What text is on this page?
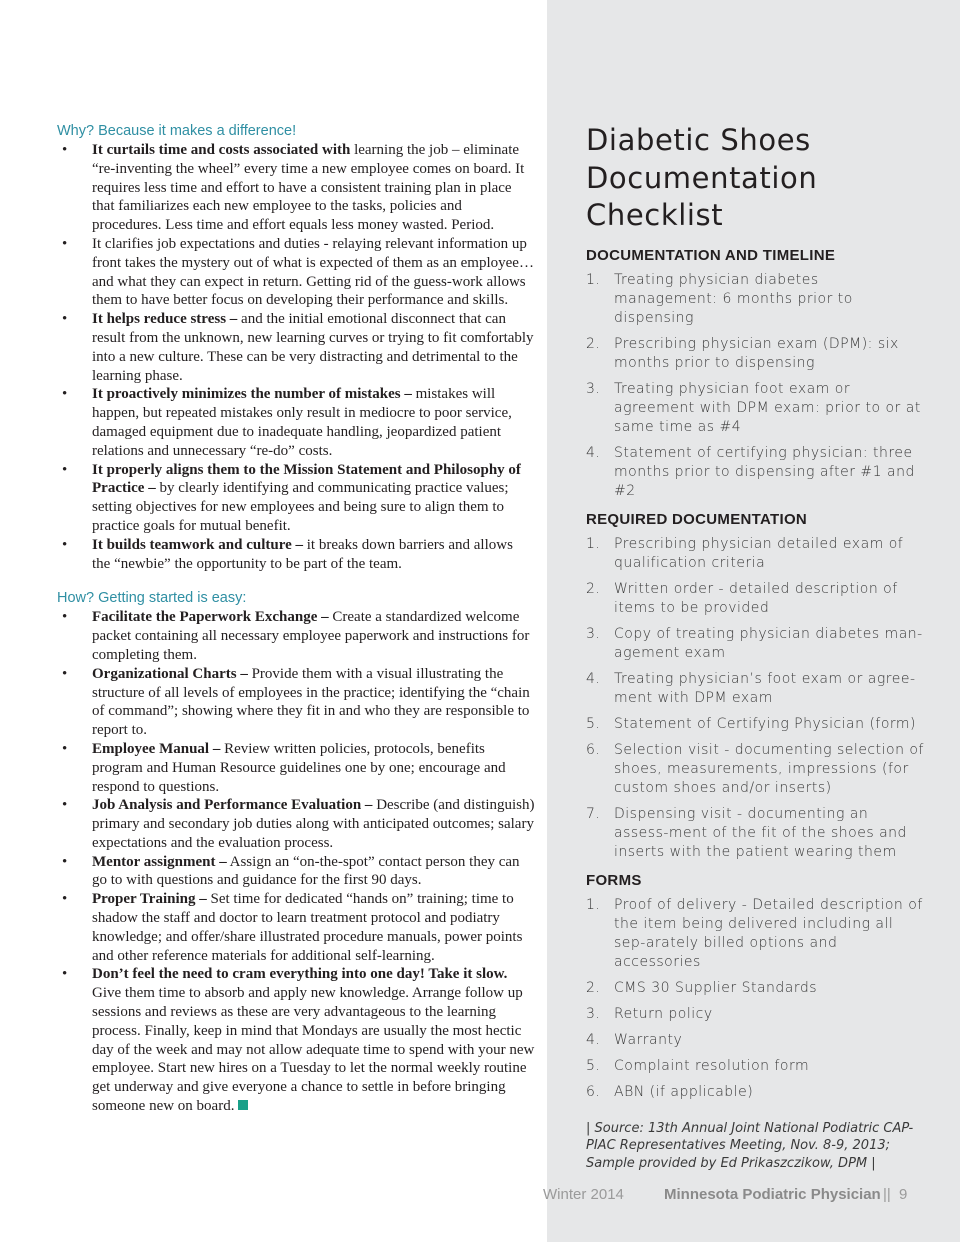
Why? Because it makes a difference!
• It curtails time and costs associated with learning the job – eliminate “re-inventing the wheel” every time a new employee comes on board. It requires less time and effort to have a consistent training plan in place that familiarizes each new employee to the tasks, policies and procedures. Less time and effort equals less money wasted. Period.
• It clarifies job expectations and duties - relaying relevant information up front takes the mystery out of what is expected of them as an employee…and what they can expect in return. Getting rid of the guess-work allows them to have better focus on developing their performance and skills.
• It helps reduce stress – and the initial emotional disconnect that can result from the unknown, new learning curves or trying to fit comfortably into a new culture. These can be very distracting and detrimental to the learning phase.
• It proactively minimizes the number of mistakes – mistakes will happen, but repeated mistakes only result in mediocre to poor service, damaged equipment due to inadequate handling, jeopardized patient relations and unnecessary “re-do” costs.
• It properly aligns them to the Mission Statement and Philosophy of Practice – by clearly identifying and communicating practice values; setting objectives for new employees and being sure to align them to practice goals for mutual benefit.
• It builds teamwork and culture – it breaks down barriers and allows the “newbie” the opportunity to be part of the team.
How? Getting started is easy:
• Facilitate the Paperwork Exchange – Create a standardized welcome packet containing all necessary employee paperwork and instructions for completing them.
• Organizational Charts – Provide them with a visual illustrating the structure of all levels of employees in the practice; identifying the “chain of command”; showing where they fit in and who they are responsible to report to.
• Employee Manual – Review written policies, protocols, benefits program and Human Resource guidelines one by one; encourage and respond to questions.
• Job Analysis and Performance Evaluation – Describe (and distinguish) primary and secondary job duties along with anticipated outcomes; salary expectations and the evaluation process.
• Mentor assignment – Assign an “on-the-spot” contact person they can go to with questions and guidance for the first 90 days.
• Proper Training – Set time for dedicated “hands on” training; time to shadow the staff and doctor to learn treatment protocol and podiatry knowledge; and offer/share illustrated procedure manuals, power points and other reference materials for additional self-learning.
• Don’t feel the need to cram everything into one day! Take it slow. Give them time to absorb and apply new knowledge. Arrange follow up sessions and reviews as these are very advantageous to the learning process. Finally, keep in mind that Mondays are usually the most hectic day of the week and may not allow adequate time to spend with your new employee. Start new hires on a Tuesday to let the normal weekly routine get underway and give everyone a chance to settle in before bringing someone new on board.
Diabetic Shoes
Documentation
Checklist
DOCUMENTATION AND TIMELINE
1. Treating physician diabetes management: 6 months prior to dispensing
2. Prescribing physician exam (DPM): six months prior to dispensing
3. Treating physician foot exam or agreement with DPM exam: prior to or at same time as #4
4. Statement of certifying physician: three months prior to dispensing after #1 and #2
REQUIRED DOCUMENTATION
1. Prescribing physician detailed exam of qualification criteria
2. Written order - detailed description of items to be provided
3. Copy of treating physician diabetes man-agement exam
4. Treating physician’s foot exam or agree-ment with DPM exam
5. Statement of Certifying Physician (form)
6. Selection visit - documenting selection of shoes, measurements, impressions (for custom shoes and/or inserts)
7. Dispensing visit - documenting an assess-ment of the fit of the shoes and inserts with the patient wearing them
FORMS
1. Proof of delivery - Detailed description of the item being delivered including all sep-arately billed options and accessories
2. CMS 30 Supplier Standards
3. Return policy
4. Warranty
5. Complaint resolution form
6. ABN (if applicable)

| Source: 13th Annual Joint National Podiatric CAP-PIAC Representatives Meeting, Nov. 8-9, 2013; Sample provided by Ed Prikaszczikow, DPM |

Winter 2014	Minnesota Podiatric Physician || 9
